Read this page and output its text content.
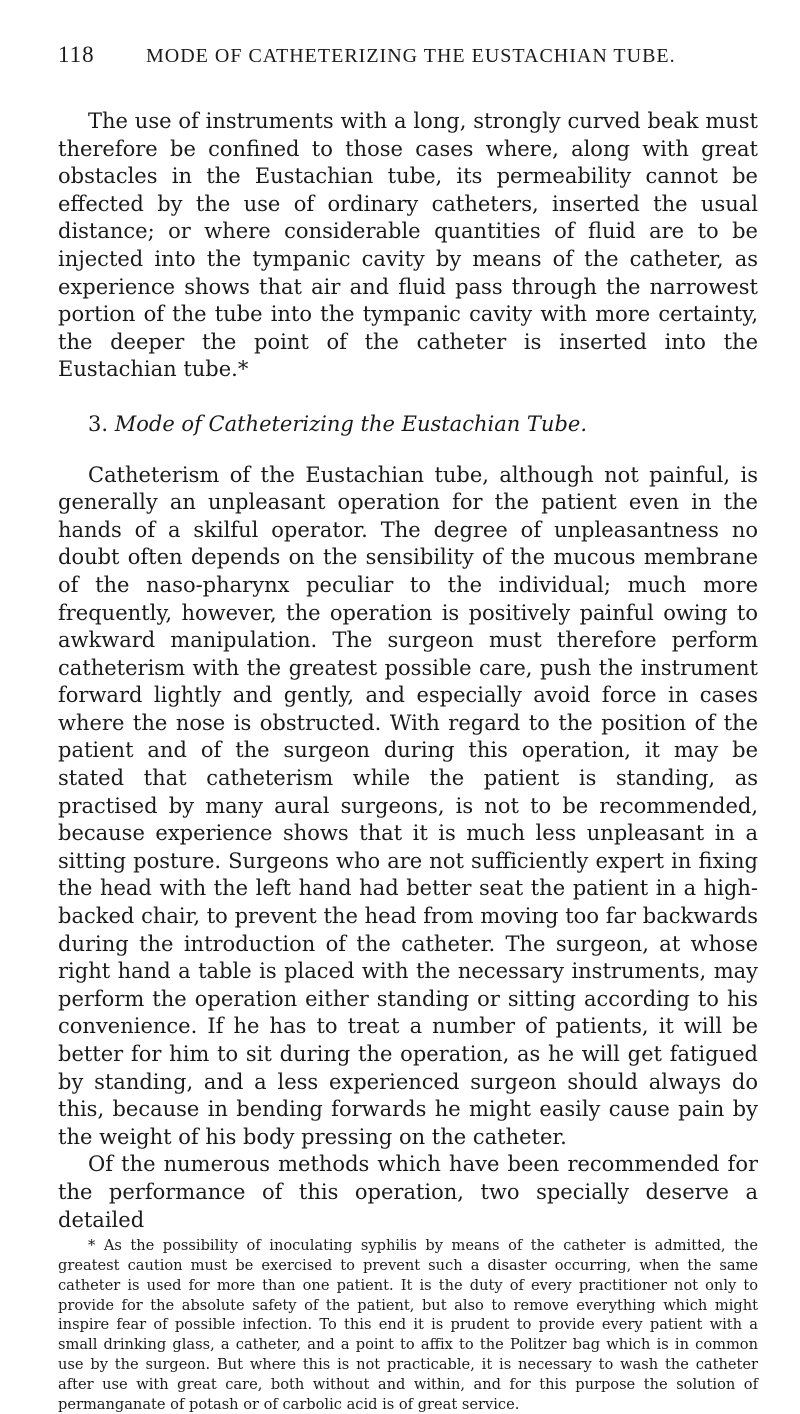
118	MODE OF CATHETERIZING THE EUSTACHIAN TUBE.

The use of instruments with a long, strongly curved beak must therefore be confined to those cases where, along with great obstacles in the Eustachian tube, its permeability cannot be effected by the use of ordinary catheters, inserted the usual distance; or where considerable quantities of fluid are to be injected into the tympanic cavity by means of the catheter, as experience shows that air and fluid pass through the narrowest portion of the tube into the tympanic cavity with more certainty, the deeper the point of the catheter is inserted into the Eustachian tube.*

3. Mode of Catheterizing the Eustachian Tube.

Catheterism of the Eustachian tube, although not painful, is generally an unpleasant operation for the patient even in the hands of a skilful operator. The degree of unpleasantness no doubt often depends on the sensibility of the mucous membrane of the naso-pharynx peculiar to the individual; much more frequently, however, the operation is positively painful owing to awkward manipulation. The surgeon must therefore perform catheterism with the greatest possible care, push the instrument forward lightly and gently, and especially avoid force in cases where the nose is obstructed. With regard to the position of the patient and of the surgeon during this operation, it may be stated that catheterism while the patient is standing, as practised by many aural surgeons, is not to be recommended, because experience shows that it is much less unpleasant in a sitting posture. Surgeons who are not sufficiently expert in fixing the head with the left hand had better seat the patient in a high-backed chair, to prevent the head from moving too far backwards during the introduction of the catheter. The surgeon, at whose right hand a table is placed with the necessary instruments, may perform the operation either standing or sitting according to his convenience. If he has to treat a number of patients, it will be better for him to sit during the operation, as he will get fatigued by standing, and a less experienced surgeon should always do this, because in bending forwards he might easily cause pain by the weight of his body pressing on the catheter.

Of the numerous methods which have been recommended for the performance of this operation, two specially deserve a detailed

* As the possibility of inoculating syphilis by means of the catheter is admitted, the greatest caution must be exercised to prevent such a disaster occurring, when the same catheter is used for more than one patient. It is the duty of every practitioner not only to provide for the absolute safety of the patient, but also to remove everything which might inspire fear of possible infection. To this end it is prudent to provide every patient with a small drinking glass, a catheter, and a point to affix to the Politzer bag which is in common use by the surgeon. But where this is not practicable, it is necessary to wash the catheter after use with great care, both without and within, and for this purpose the solution of permanganate of potash or of carbolic acid is of great service.
